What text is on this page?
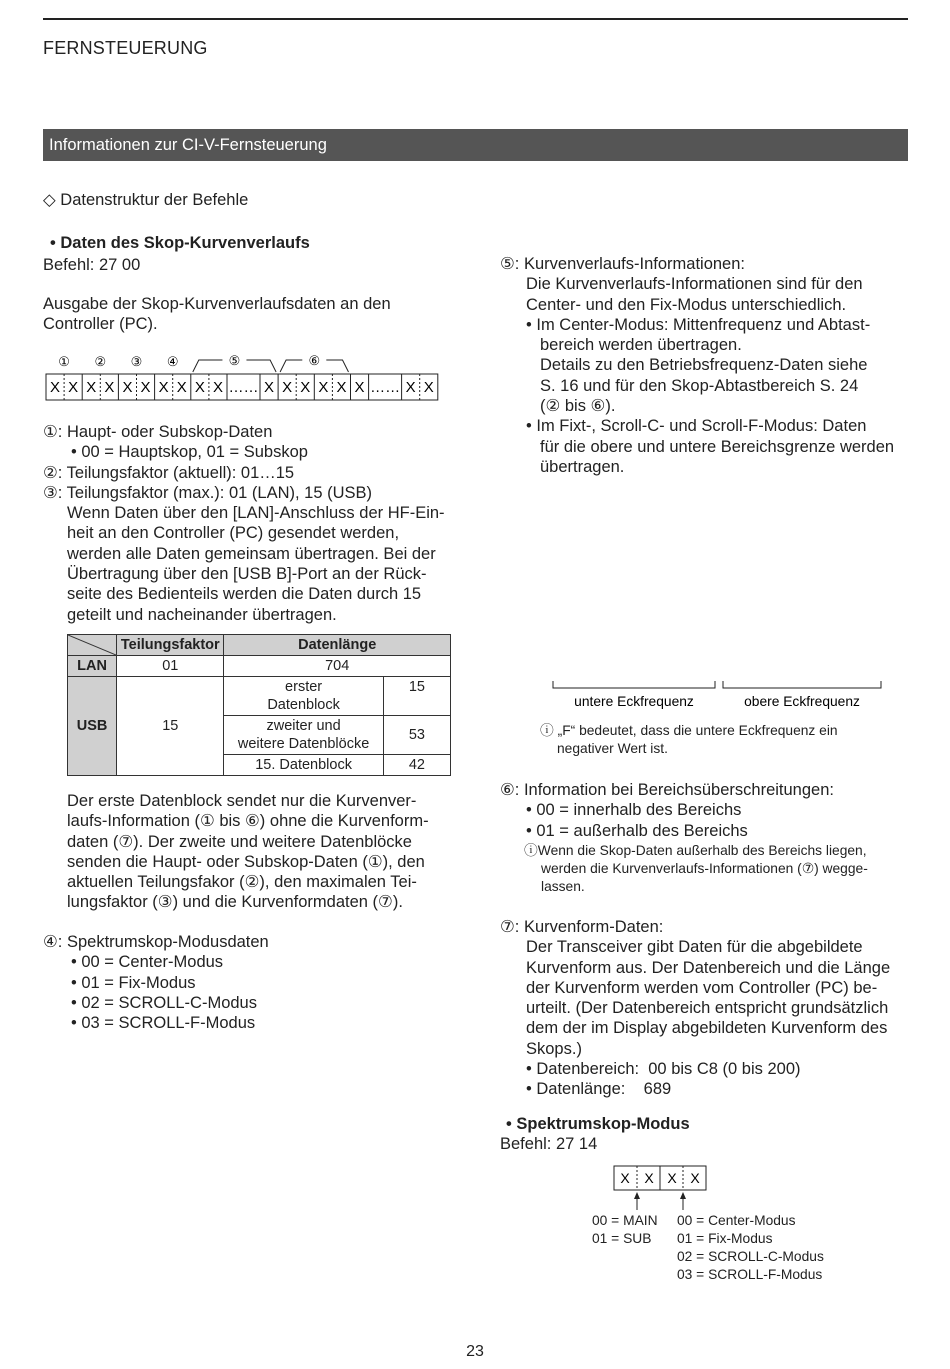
FERNSTEUERUNG
Informationen zur CI-V-Fernsteuerung
◇ Datenstruktur der Befehle
• Daten des Skop-Kurvenverlaufs
Befehl: 27 00
Ausgabe der Skop-Kurvenverlaufsdaten an den
Controller (PC).
X X X X X X X X X X …… X X X X X X …… X X
① ② ③ ④	⑤	⑥
①: Haupt- oder Subskop-Daten
• 00 = Hauptskop, 01 = Subskop
②: Teilungsfaktor (aktuell): 01…15
③: Teilungsfaktor (max.): 01 (LAN), 15 (USB)
Wenn Daten über den [LAN]-Anschluss der HF-Ein-
heit an den Controller (PC) gesendet werden,
werden alle Daten gemeinsam übertragen. Bei der
Übertragung über den [USB B]-Port an der Rück-
seite des Bedienteils werden die Daten durch 15
geteilt und nacheinander übertragen.
	Teilungsfaktor	Datenlänge	
LAN	01	704	
USB	15	erster
Datenblock	15

		zweiter und
weitere Datenblöcke	53
		15. Datenblock	42
Der erste Datenblock sendet nur die Kurvenver-
laufs-Information (① bis ⑥) ohne die Kurvenform-
daten (⑦). Der zweite und weitere Datenblöcke
senden die Haupt- oder Subskop-Daten (①), den
aktuellen Teilungsfakor (②), den maximalen Tei-
lungsfaktor (③) und die Kurvenformdaten (⑦).
④: Spektrumskop-Modusdaten
• 00 = Center-Modus
• 01 = Fix-Modus
• 02 = SCROLL-C-Modus
• 03 = SCROLL-F-Modus
⑤: Kurvenverlaufs-Informationen:
Die Kurvenverlaufs-Informationen sind für den
Center- und den Fix-Modus unterschiedlich.
• Im Center-Modus: Mittenfrequenz und Abtast-
bereich werden übertragen.
Details zu den Betriebsfrequenz-Daten siehe
S. 16 und für den Skop-Abtastbereich S. 24
(② bis ⑥).
• Im Fixt-, Scroll-C- und Scroll-F-Modus: Daten
für die obere und untere Bereichsgrenze werden
übertragen.
untere Eckfrequenz	obere Eckfrequenz
ⓘ „F“ bedeutet, dass die untere Eckfrequenz ein
negativer Wert ist.
⑥: Information bei Bereichsüberschreitungen:
• 00 = innerhalb des Bereichs
• 01 = außerhalb des Bereichs
ⓘWenn die Skop-Daten außerhalb des Bereichs liegen,
werden die Kurvenverlaufs-Informationen (⑦) wegge-
lassen.
⑦: Kurvenform-Daten:
Der Transceiver gibt Daten für die abgebildete
Kurvenform aus. Der Datenbereich und die Länge
der Kurvenform werden vom Controller (PC) be-
urteilt. (Der Datenbereich entspricht grundsätzlich
dem der im Display abgebildeten Kurvenform des
Skops.)
• Datenbereich:  00 bis C8 (0 bis 200)
• Datenlänge:    689
• Spektrumskop-Modus
Befehl: 27 14
X X X X
00 = MAIN
01 = SUB
00 = Center-Modus
01 = Fix-Modus
02 = SCROLL-C-Modus
03 = SCROLL-F-Modus
23
